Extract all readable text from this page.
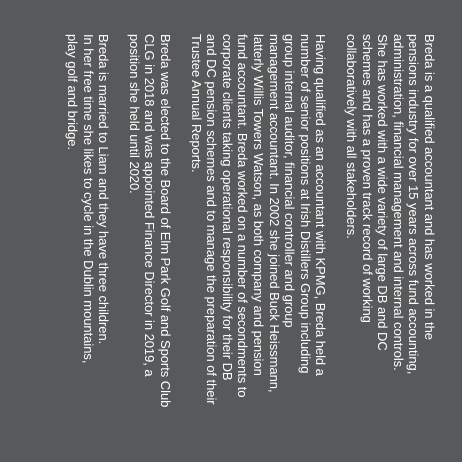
Breda is a qualified accountant and has worked in the
pensions industry for over 15 years across fund accounting,
administration, financial management and internal controls.
She has worked with a wide variety of large DB and DC
schemes and has a proven track record of working
collaboratively with all stakeholders.

Having qualified as an accountant with KPMG, Breda held a
number of senior positions at Irish Distillers Group including
group internal auditor, financial controller and group
management accountant. In 2002 she joined Buck Heissmann,
latterly Willis Towers Watson, as both company and pension
fund accountant. Breda worked on a number of secondments to
corporate clients taking operational responsibility for their DB
and DC pension schemes and to manage the preparation of their
Trustee Annual Reports.

Breda was elected to the Board of Elm Park Golf and Sports Club
CLG in 2018 and was appointed Finance Director in 2019, a
position she held until 2020.

Breda is married to Liam and they have three children.
In her free time she likes to cycle in the Dublin mountains,
play golf and bridge.
